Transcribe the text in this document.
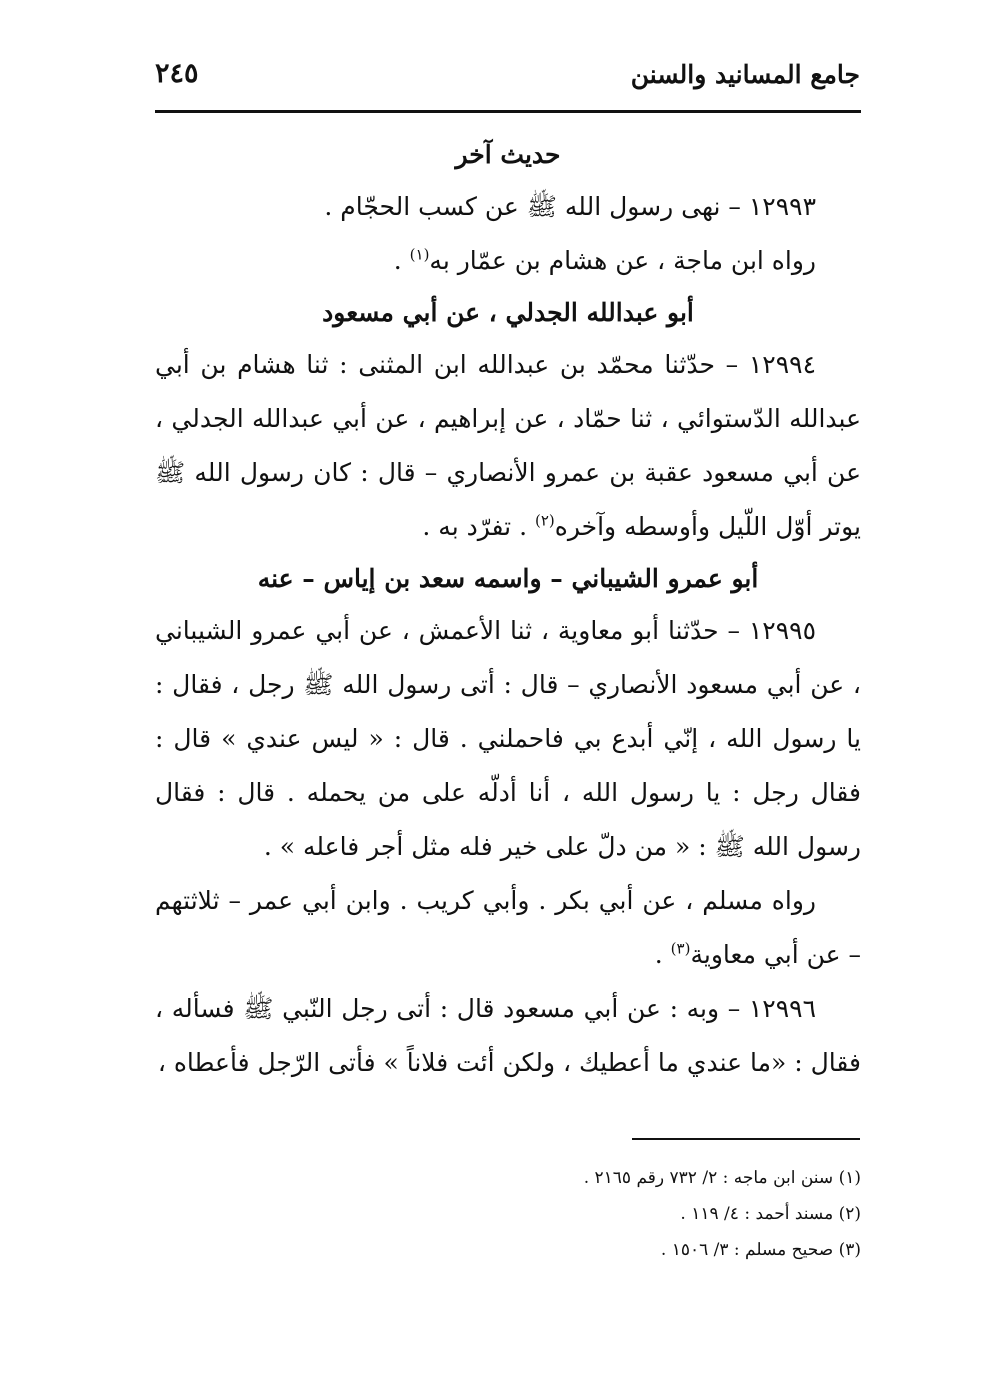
جامع المسانيد والسنن
٢٤٥

حديث آخر

١٢٩٩٣ – نهى رسول الله ﷺ عن كسب الحجّام .

رواه ابن ماجة ، عن هشام بن عمّار به$^{(١)}$ .

أبو عبدالله الجدلي ، عن أبي مسعود

١٢٩٩٤ – حدّثنا محمّد بن عبدالله ابن المثنى : ثنا هشام بن أبي عبدالله الدّستوائي ، ثنا حمّاد ، عن إبراهيم ، عن أبي عبدالله الجدلي ، عن أبي مسعود عقبة بن عمرو الأنصاري – قال : كان رسول الله ﷺ يوتر أوّل اللّيل وأوسطه وآخره$^{(٢)}$ . تفرّد به .

أبو عمرو الشيباني – واسمه سعد بن إياس – عنه

١٢٩٩٥ – حدّثنا أبو معاوية ، ثنا الأعمش ، عن أبي عمرو الشيباني ، عن أبي مسعود الأنصاري – قال : أتى رسول الله ﷺ رجل ، فقال : يا رسول الله ، إنّي أبدع بي فاحملني . قال : « ليس عندي » قال : فقال رجل : يا رسول الله ، أنا أدلّه على من يحمله . قال : فقال رسول الله ﷺ : « من دلّ على خير فله مثل أجر فاعله » .

رواه مسلم ، عن أبي بكر . وأبي كريب . وابن أبي عمر – ثلاثتهم – عن أبي معاوية$^{(٣)}$ .

١٢٩٩٦ – وبه : عن أبي مسعود قال : أتى رجل النّبي ﷺ فسأله ، فقال : «ما عندي ما أعطيك ، ولكن أئت فلاناً » فأتى الرّجل فأعطاه ،

(١) سنن ابن ماجه : ٢/ ٧٣٢ رقم ٢١٦٥ .

(٢) مسند أحمد : ٤/ ١١٩ .

(٣) صحيح مسلم : ٣/ ١٥٠٦ .
